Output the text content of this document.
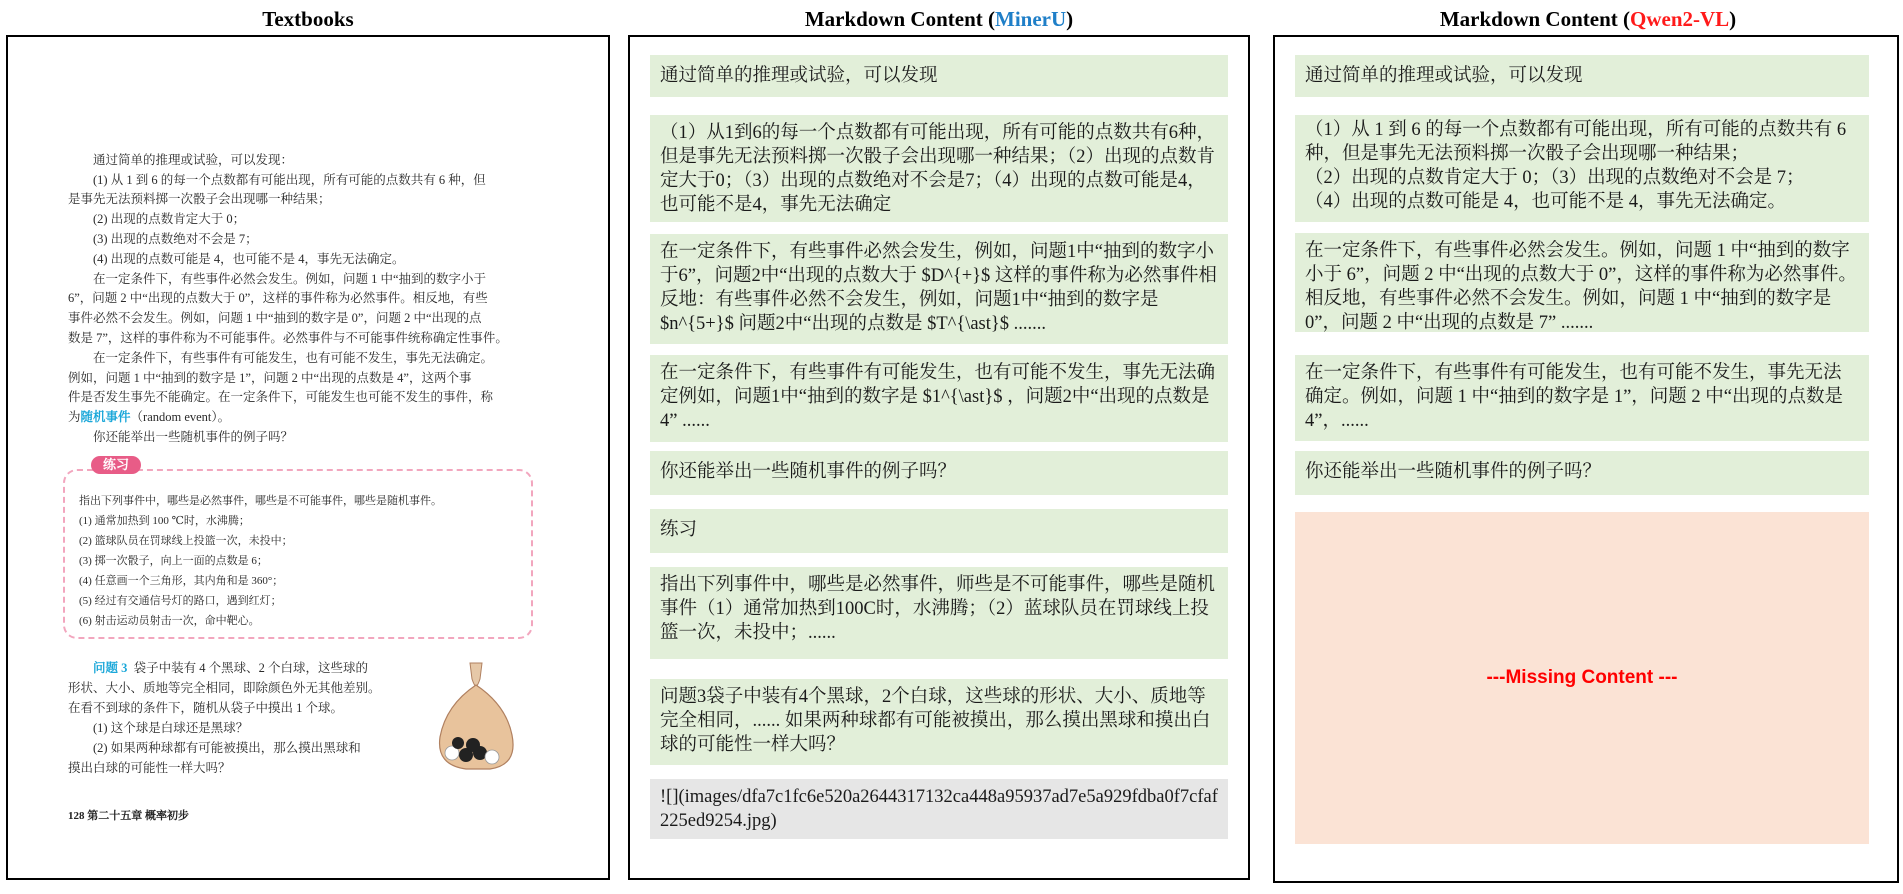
Textbooks	Markdown Content (MinerU)	Markdown Content (Qwen2-VL)
通过简单的推理或试验，可以发现：
(1) 从 1 到 6 的每一个点数都有可能出现，所有可能的点数共有 6 种，但
是事先无法预料掷一次骰子会出现哪一种结果；
(2) 出现的点数肯定大于 0；
(3) 出现的点数绝对不会是 7；
(4) 出现的点数可能是 4，也可能不是 4，事先无法确定。
在一定条件下，有些事件必然会发生。例如，问题 1 中“抽到的数字小于
6”，问题 2 中“出现的点数大于 0”，这样的事件称为必然事件。相反地，有些
事件必然不会发生。例如，问题 1 中“抽到的数字是 0”，问题 2 中“出现的点
数是 7”，这样的事件称为不可能事件。必然事件与不可能事件统称确定性事件。
在一定条件下，有些事件有可能发生，也有可能不发生，事先无法确定。
例如，问题 1 中“抽到的数字是 1”，问题 2 中“出现的点数是 4”，这两个事
件是否发生事先不能确定。在一定条件下，可能发生也可能不发生的事件，称
为随机事件（random event）。
你还能举出一些随机事件的例子吗？
指出下列事件中，哪些是必然事件，哪些是不可能事件，哪些是随机事件。
(1) 通常加热到 100 ℃时，水沸腾；
(2) 篮球队员在罚球线上投篮一次，未投中；
(3) 掷一次骰子，向上一面的点数是 6；
(4) 任意画一个三角形，其内角和是 360°；
(5) 经过有交通信号灯的路口，遇到红灯；
(6) 射击运动员射击一次，命中靶心。
练习
问题 3 袋子中装有 4 个黑球、2 个白球，这些球的
形状、大小、质地等完全相同，即除颜色外无其他差别。
在看不到球的条件下，随机从袋子中摸出 1 个球。
(1) 这个球是白球还是黑球？
(2) 如果两种球都有可能被摸出，那么摸出黑球和
摸出白球的可能性一样大吗？
128 第二十五章 概率初步
通过简单的推理或试验，可以发现
（1）从1到6的每一个点数都有可能出现，所有可能的点数共有6种，但是事先无法预料掷一次骰子会出现哪一种结果；（2）出现的点数肯定大于0；（3）出现的点数绝对不会是7；（4）出现的点数可能是4，也可能不是4，事先无法确定
在一定条件下，有些事件必然会发生，例如，问题1中“抽到的数字小于6”，问题2中“出现的点数大于 $D^{+}$ 这样的事件称为必然事件相反地：有些事件必然不会发生，例如，问题1中“抽到的数字是 $n^{5+}$ 问题2中“出现的点数是 $T^{\ast}$ .......
在一定条件下，有些事件有可能发生，也有可能不发生，事先无法确定例如，问题1中“抽到的数字是 $1^{\ast}$ ，问题2中“出现的点数是4” ......
你还能举出一些随机事件的例子吗？
练习
指出下列事件中，哪些是必然事件，师些是不可能事件，哪些是随机事件（1）通常加热到100C时，水沸腾；（2）蓝球队员在罚球线上投篮一次，未投中；......
问题3袋子中装有4个黑球，2个白球，这些球的形状、大小、质地等完全相同，...... 如果两种球都有可能被摸出，那么摸出黑球和摸出白球的可能性一样大吗？
![](images/dfa7c1fc6e520a2644317132ca448a95937ad7e5a929fdba0f7cfaf225ed9254.jpg)
通过简单的推理或试验，可以发现
（1）从 1 到 6 的每一个点数都有可能出现，所有可能的点数共有 6 种，但是事先无法预料掷一次骰子会出现哪一种结果；
（2）出现的点数肯定大于 0；（3）出现的点数绝对不会是 7；
（4）出现的点数可能是 4，也可能不是 4，事先无法确定。
在一定条件下，有些事件必然会发生。例如，问题 1 中“抽到的数字小于 6”，问题 2 中“出现的点数大于 0”，这样的事件称为必然事件。相反地，有些事件必然不会发生。例如，问题 1 中“抽到的数字是 0”，问题 2 中“出现的点数是 7” .......
在一定条件下，有些事件有可能发生，也有可能不发生，事先无法确定。例如，问题 1 中“抽到的数字是 1”，问题 2 中“出现的点数是 4”，......
你还能举出一些随机事件的例子吗？
---Missing Content ---
